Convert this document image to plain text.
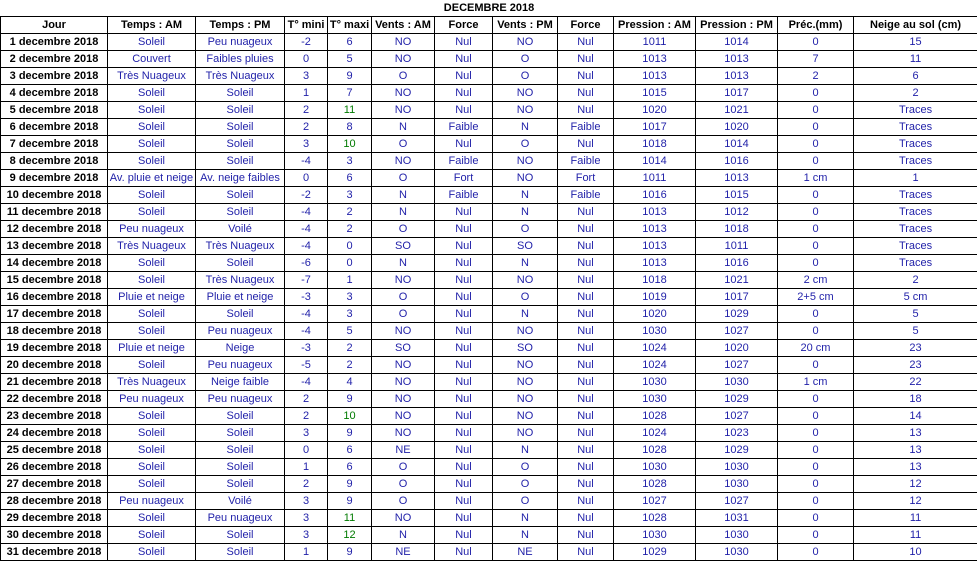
DECEMBRE 2018												
Jour	Temps : AM	Temps : PM	T° mini	T° maxi	Vents : AM	Force	Vents : PM	Force	Pression : AM	Pression : PM	Préc.(mm)	Neige au sol (cm)
1 decembre 2018	Soleil	Peu nuageux	-2	6	NO	Nul	NO	Nul	1011	1014	0	15
2 decembre 2018	Couvert	Faibles pluies	0	5	NO	Nul	O	Nul	1013	1013	7	11
3 decembre 2018	Très Nuageux	Très Nuageux	3	9	O	Nul	O	Nul	1013	1013	2	6
4 decembre 2018	Soleil	Soleil	1	7	NO	Nul	NO	Nul	1015	1017	0	2
5 decembre 2018	Soleil	Soleil	2	11	NO	Nul	NO	Nul	1020	1021	0	Traces
6 decembre 2018	Soleil	Soleil	2	8	N	Faible	N	Faible	1017	1020	0	Traces
7 decembre 2018	Soleil	Soleil	3	10	O	Nul	O	Nul	1018	1014	0	Traces
8 decembre 2018	Soleil	Soleil	-4	3	NO	Faible	NO	Faible	1014	1016	0	Traces
9 decembre 2018	Av. pluie et neige	Av. neige faibles	0	6	O	Fort	NO	Fort	1011	1013	1 cm	1
10 decembre 2018	Soleil	Soleil	-2	3	N	Faible	N	Faible	1016	1015	0	Traces
11 decembre 2018	Soleil	Soleil	-4	2	N	Nul	N	Nul	1013	1012	0	Traces
12 decembre 2018	Peu nuageux	Voilé	-4	2	O	Nul	O	Nul	1013	1018	0	Traces
13 decembre 2018	Très Nuageux	Très Nuageux	-4	0	SO	Nul	SO	Nul	1013	1011	0	Traces
14 decembre 2018	Soleil	Soleil	-6	0	N	Nul	N	Nul	1013	1016	0	Traces
15 decembre 2018	Soleil	Très Nuageux	-7	1	NO	Nul	NO	Nul	1018	1021	2 cm	2
16 decembre 2018	Pluie et neige	Pluie et neige	-3	3	O	Nul	O	Nul	1019	1017	2+5 cm	5 cm
17 decembre 2018	Soleil	Soleil	-4	3	O	Nul	N	Nul	1020	1029	0	5
18 decembre 2018	Soleil	Peu nuageux	-4	5	NO	Nul	NO	Nul	1030	1027	0	5
19 decembre 2018	Pluie et neige	Neige	-3	2	SO	Nul	SO	Nul	1024	1020	20 cm	23
20 decembre 2018	Soleil	Peu nuageux	-5	2	NO	Nul	NO	Nul	1024	1027	0	23
21 decembre 2018	Très Nuageux	Neige faible	-4	4	NO	Nul	NO	Nul	1030	1030	1 cm	22
22 decembre 2018	Peu nuageux	Peu nuageux	2	9	NO	Nul	NO	Nul	1030	1029	0	18
23 decembre 2018	Soleil	Soleil	2	10	NO	Nul	NO	Nul	1028	1027	0	14
24 decembre 2018	Soleil	Soleil	3	9	NO	Nul	NO	Nul	1024	1023	0	13
25 decembre 2018	Soleil	Soleil	0	6	NE	Nul	N	Nul	1028	1029	0	13
26 decembre 2018	Soleil	Soleil	1	6	O	Nul	O	Nul	1030	1030	0	13
27 decembre 2018	Soleil	Soleil	2	9	O	Nul	O	Nul	1028	1030	0	12
28 decembre 2018	Peu nuageux	Voilé	3	9	O	Nul	O	Nul	1027	1027	0	12
29 decembre 2018	Soleil	Peu nuageux	3	11	NO	Nul	N	Nul	1028	1031	0	11
30 decembre 2018	Soleil	Soleil	3	12	N	Nul	N	Nul	1030	1030	0	11
31 decembre 2018	Soleil	Soleil	1	9	NE	Nul	NE	Nul	1029	1030	0	10
